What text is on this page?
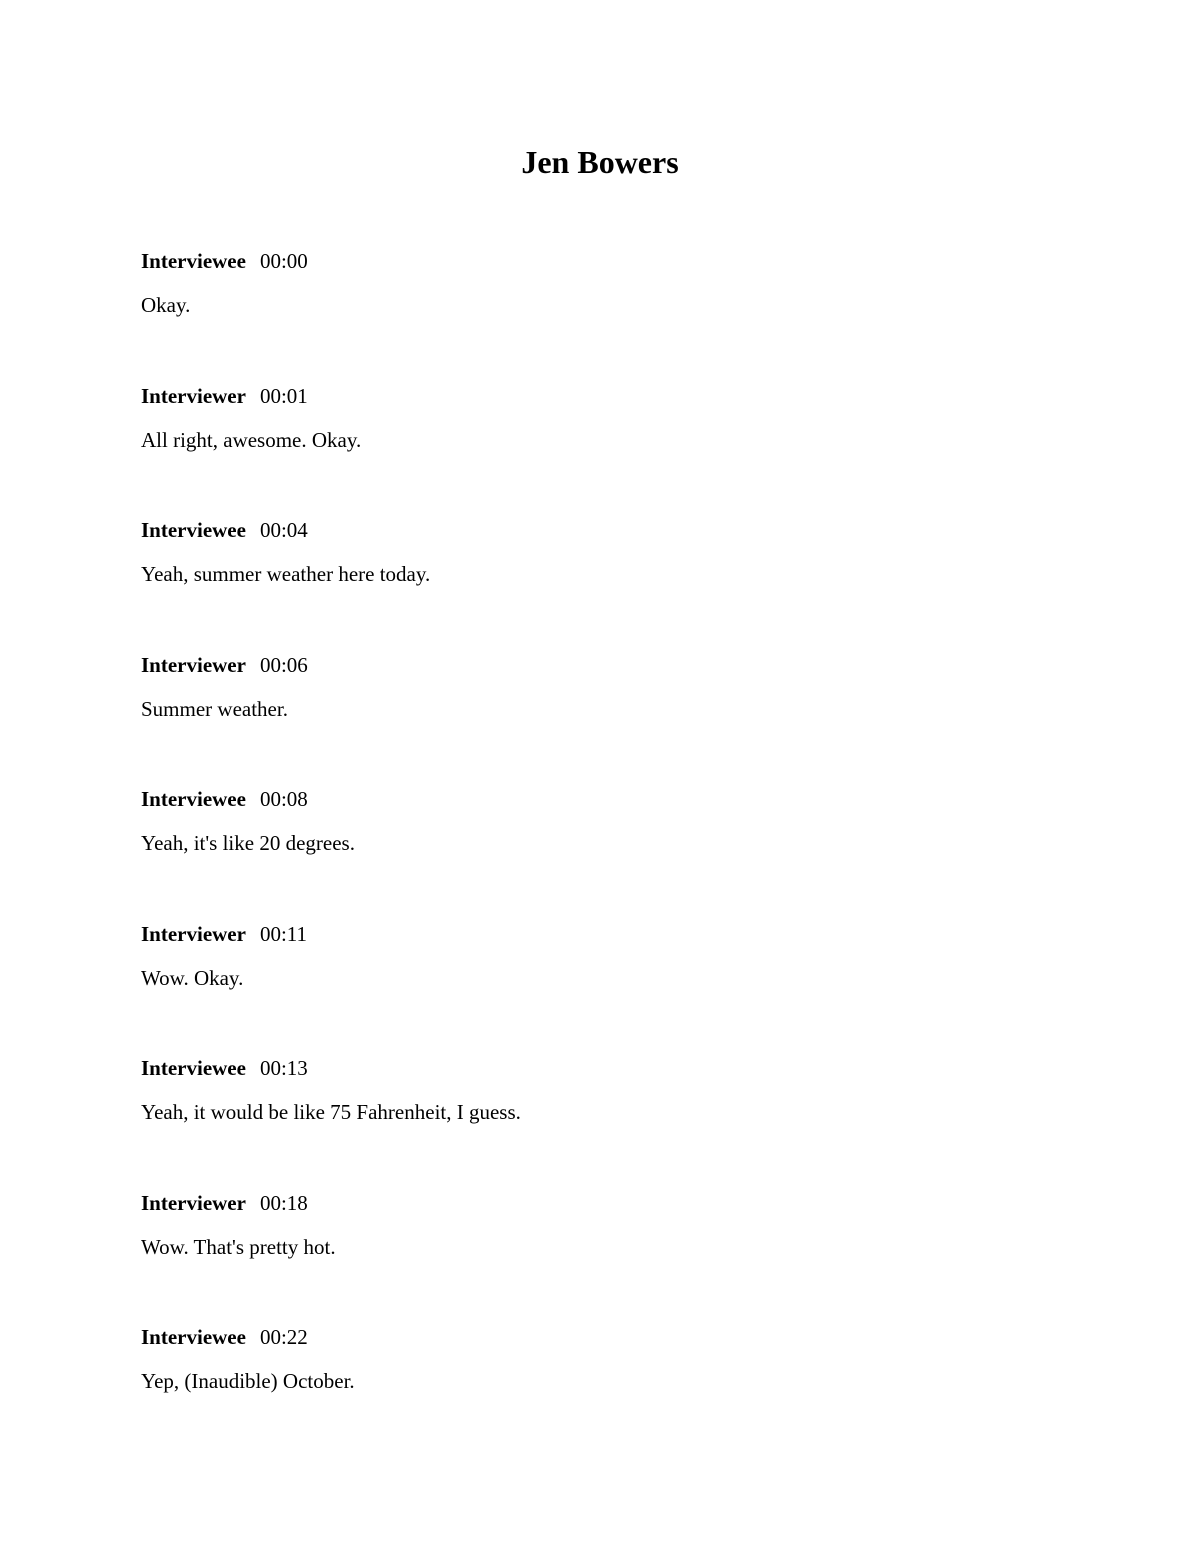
Jen Bowers
Interviewee 00:00
Okay.
Interviewer 00:01
All right, awesome. Okay.
Interviewee 00:04
Yeah, summer weather here today.
Interviewer 00:06
Summer weather.
Interviewee 00:08
Yeah, it's like 20 degrees.
Interviewer 00:11
Wow. Okay.
Interviewee 00:13
Yeah, it would be like 75 Fahrenheit, I guess.
Interviewer 00:18
Wow. That's pretty hot.
Interviewee 00:22
Yep, (Inaudible) October.
